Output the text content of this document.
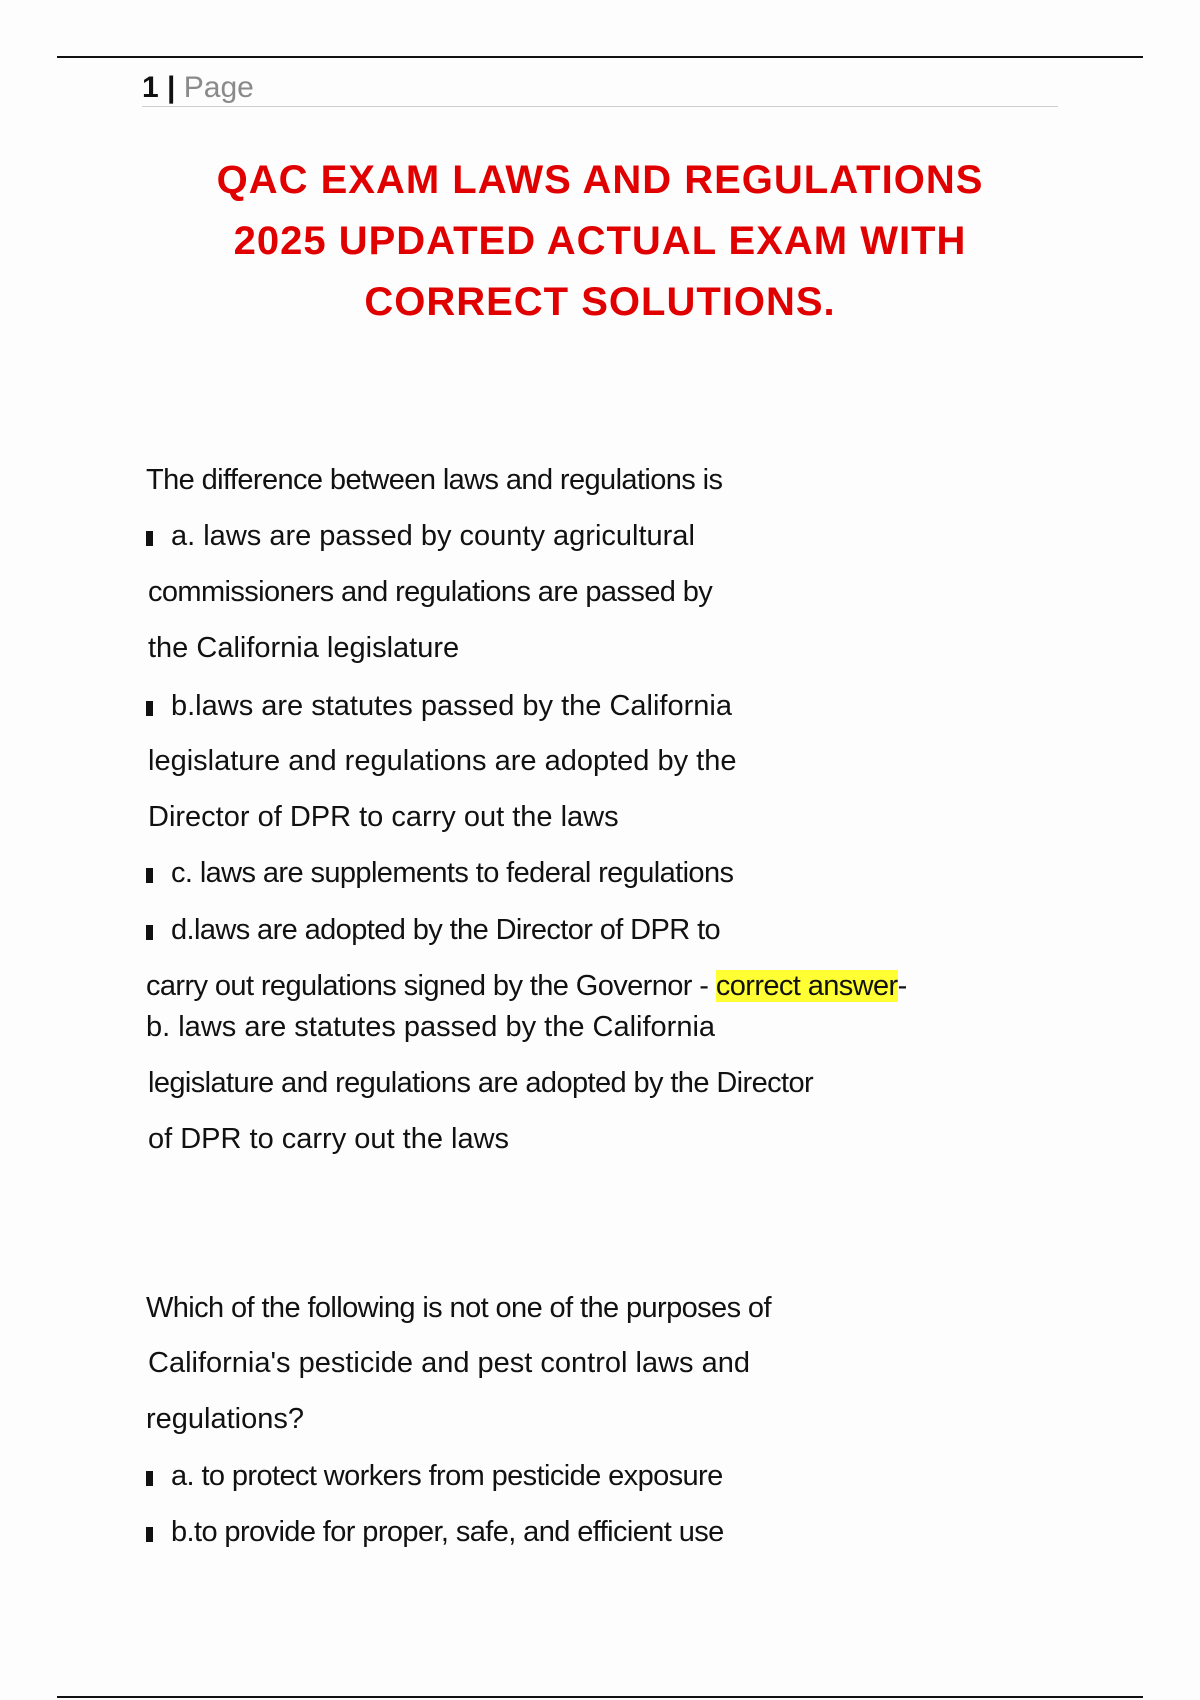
1 | Page
QAC EXAM LAWS AND REGULATIONS
2025 UPDATED ACTUAL EXAM WITH
CORRECT SOLUTIONS.
The difference between laws and regulations is
a. laws are passed by county agricultural
commissioners and regulations are passed by
the California legislature
b.laws are statutes passed by the California
legislature and regulations are adopted by the
Director of DPR to carry out the laws
c. laws are supplements to federal regulations
d.laws are adopted by the Director of DPR to
carry out regulations signed by the Governor - correct answer-
b. laws are statutes passed by the California
legislature and regulations are adopted by the Director
of DPR to carry out the laws
Which of the following is not one of the purposes of
California's pesticide and pest control laws and
regulations?
a. to protect workers from pesticide exposure
b.to provide for proper, safe, and efficient use
